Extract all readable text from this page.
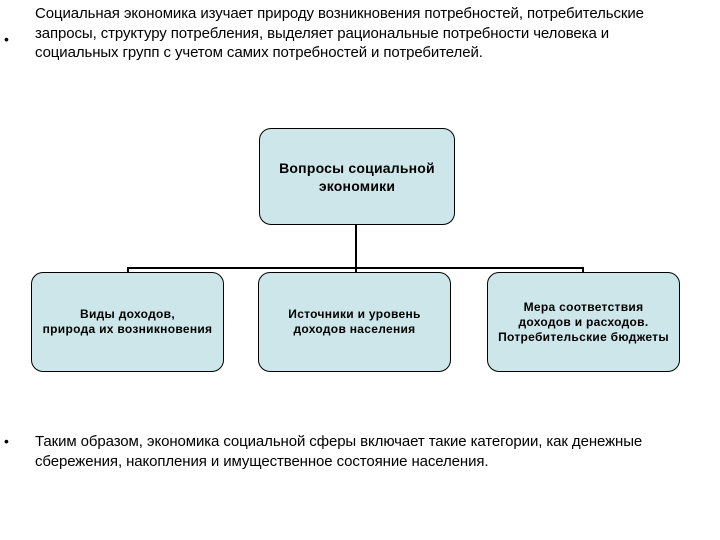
•
Социальная экономика изучает природу возникновения потребностей, потребительские запросы, структуру потребления, выделяет рациональные потребности человека и социальных групп с учетом самих потребностей и потребителей.
Вопросы социальной
экономики
Виды доходов,
природа их возникновения
Источники и уровень
доходов населения
Мера соответствия
доходов и расходов.
Потребительские бюджеты
• Таким образом, экономика социальной сферы включает такие категории, как денежные сбережения, накопления и имущественное состояние населения.
